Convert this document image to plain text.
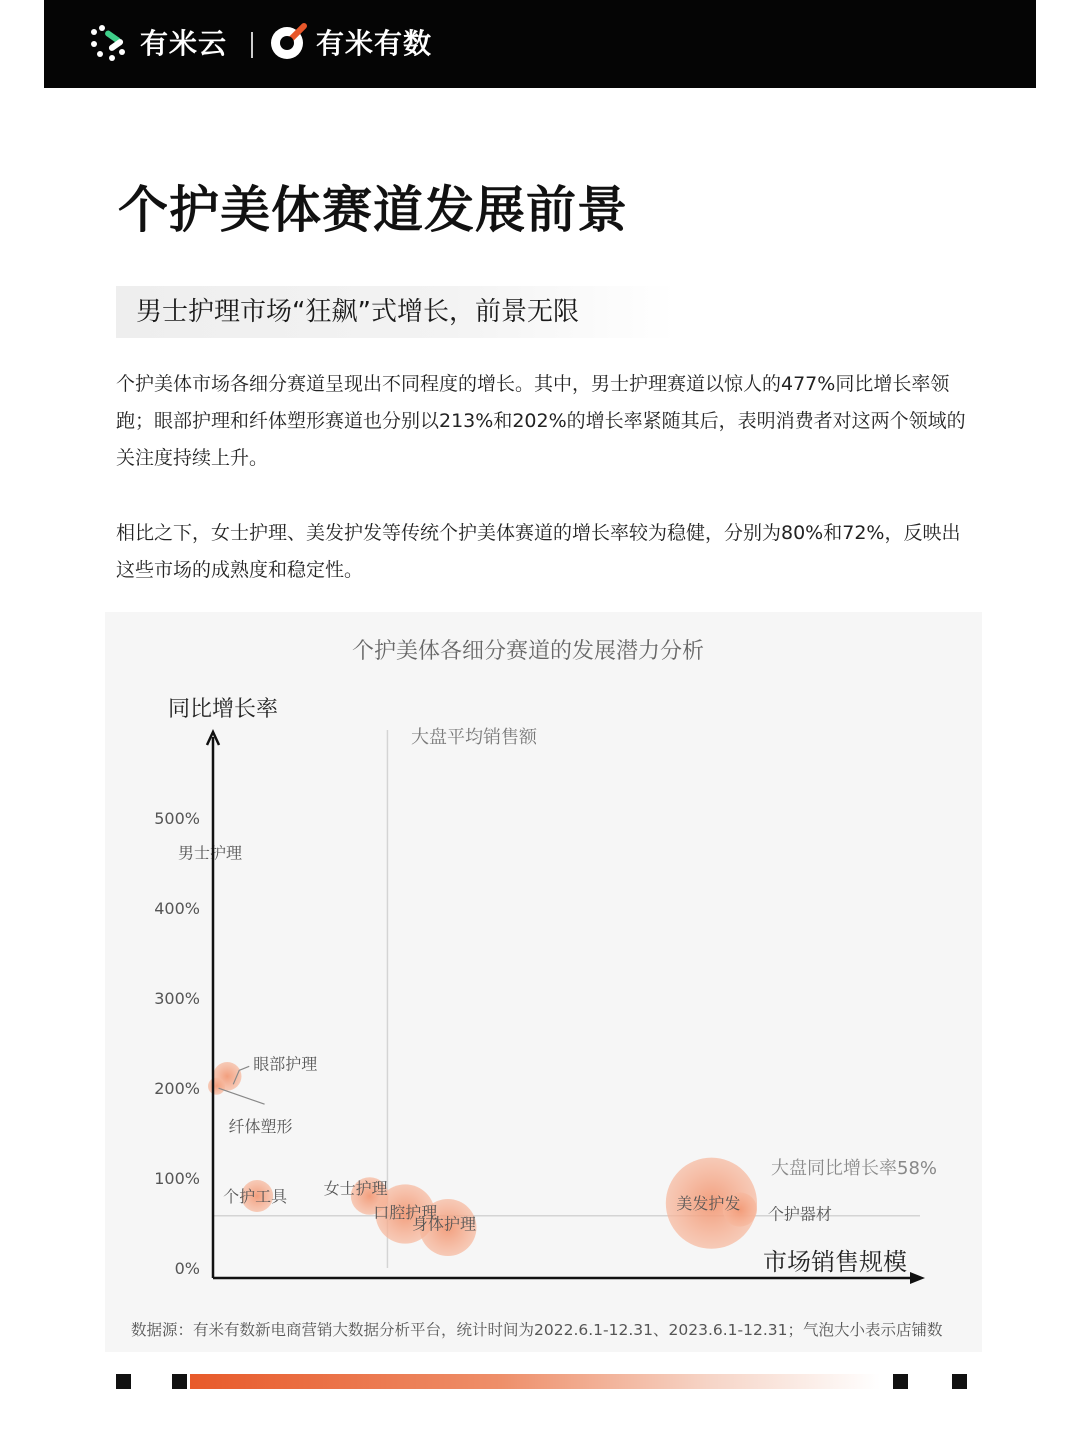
有米云	有米有数
个护美体赛道发展前景
男士护理市场“狂飙”式增长，前景无限
个护美体市场各细分赛道呈现出不同程度的增长。其中，男士护理赛道以惊人的477%同比增长率领跑；眼部护理和纤体塑形赛道也分别以213%和202%的增长率紧随其后，表明消费者对这两个领域的关注度持续上升。
相比之下，女士护理、美发护发等传统个护美体赛道的增长率较为稳健，分别为80%和72%，反映出这些市场的成熟度和稳定性。
个护美体各细分赛道的发展潜力分析
同比增长率
市场销售规模
大盘平均销售额
大盘同比增长率58%
0%
100%
200%
300%
400%
500%
男士护理
眼部护理
纤体塑形
个护工具 女士护理
口腔护理
身体护理
美发护发
个护器材
数据源：有米有数新电商营销大数据分析平台，统计时间为2022.6.1-12.31、2023.6.1-12.31；气泡大小表示店铺数
